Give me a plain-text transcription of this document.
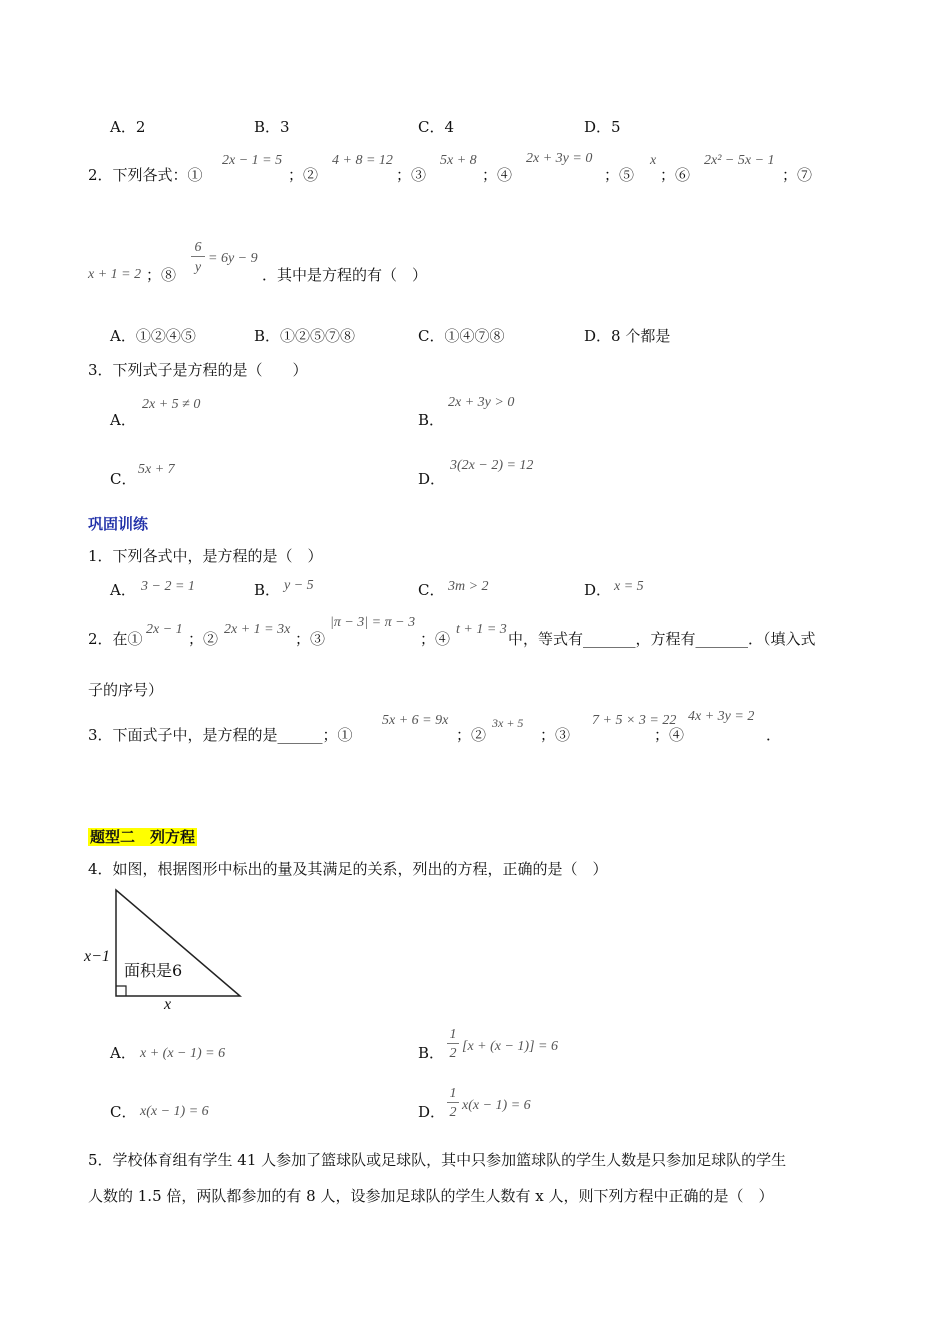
A．2	B．3	C．4	D．5
2．下列各式：①
2x − 1 = 5
；②
4 + 8 = 12
；③
5x + 8
；④
2x + 3y = 0
；⑤
x
；⑥
2x² − 5x − 1
；⑦
x + 1 = 2 ；⑧
6
y
= 6y − 9
．其中是方程的有（　）
A．①②④⑤	B．①②⑤⑦⑧	C．①④⑦⑧	D．8 个都是
3．下列式子是方程的是（　　）
A．
2x + 5 ≠ 0
B．
2x + 3y > 0
C．
5x + 7
D．
3(2x − 2) = 12
巩固训练
1．下列各式中，是方程的是（　）
A． 3 − 2 = 1	B． y − 5	C． 3m > 2	D． x = 5
2．在①
2x − 1
；②
2x + 1 = 3x
；③
|π − 3| = π − 3
；④
t + 1 = 3
中，等式有_______，方程有_______．（填入式
子的序号）
3．下面式子中，是方程的是______；①
5x + 6 = 9x
；②
3x + 5
；③
7 + 5 × 3 = 22
；④
4x + 3y = 2
．
题型二　列方程
4．如图，根据图形中标出的量及其满足的关系，列出的方程，正确的是（　）
x−1
面积是6
x
A． x + (x − 1) = 6	B．
1
2 [x + (x − 1)] = 6
C． x(x − 1) = 6	D．
1
2 x(x − 1) = 6
5．学校体育组有学生 41 人参加了篮球队或足球队，其中只参加篮球队的学生人数是只参加足球队的学生
人数的 1.5 倍，两队都参加的有 8 人，设参加足球队的学生人数有 x 人，则下列方程中正确的是（　）
